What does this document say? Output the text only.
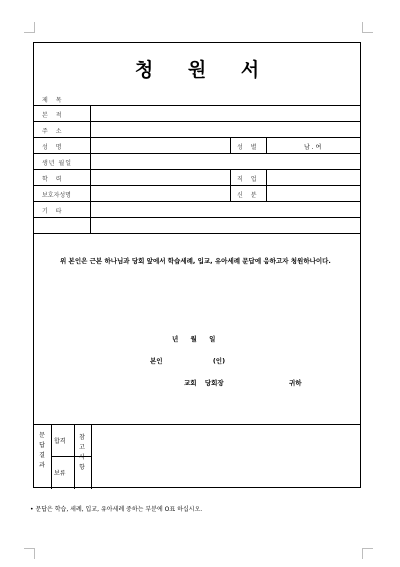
청 원 서
제 목
본 적
주 소
성 명	성 별	남 . 여
생년 월일
학 력	직 업
보호자성명	신 분
기 타
위 본인은 근본 하나님과 당회 앞에서 학습세례, 입교, 유아세례 문답에 응하고자 청원하나이다.
년 월 일
본인 (인)
교회 당회장	귀하
문 답 결 과
합격
보류
참 고 사 항
• 문답은 학습, 세례, 입교, 유아세례 중하는 부분에 O표 하십시오.
